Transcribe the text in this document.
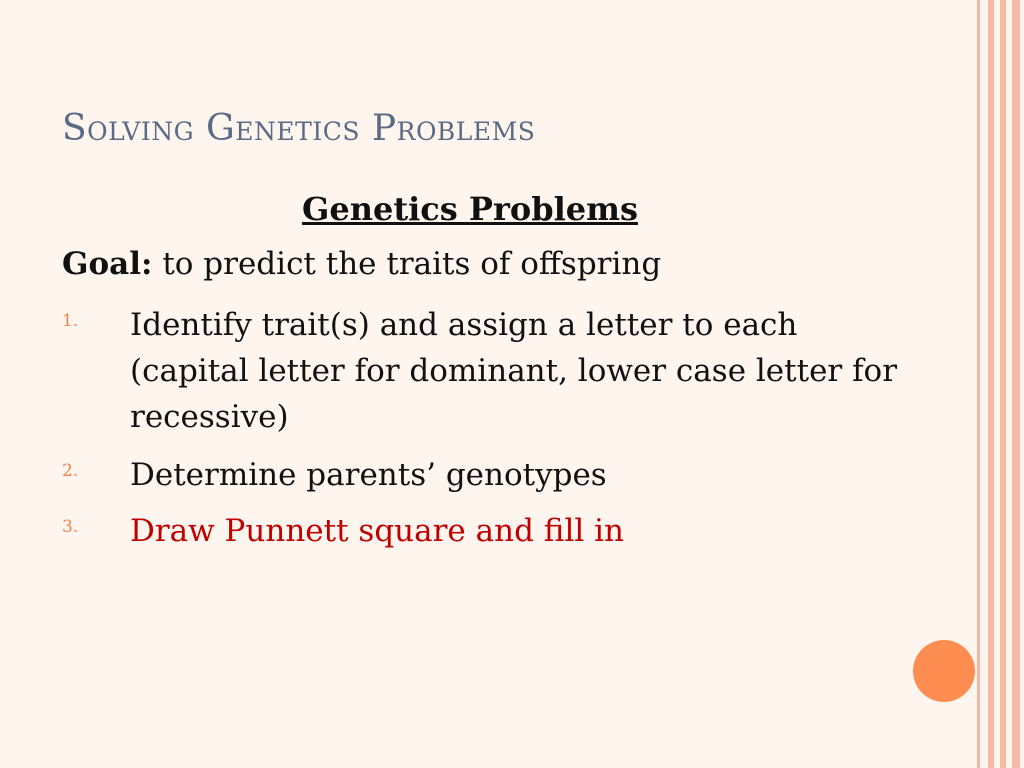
Solving Genetics Problems
Genetics Problems
Goal: to predict the traits of offspring
1. Identify trait(s) and assign a letter to each (capital letter for dominant, lower case letter for recessive)
2. Determine parents’ genotypes
3. Draw Punnett square and fill in
